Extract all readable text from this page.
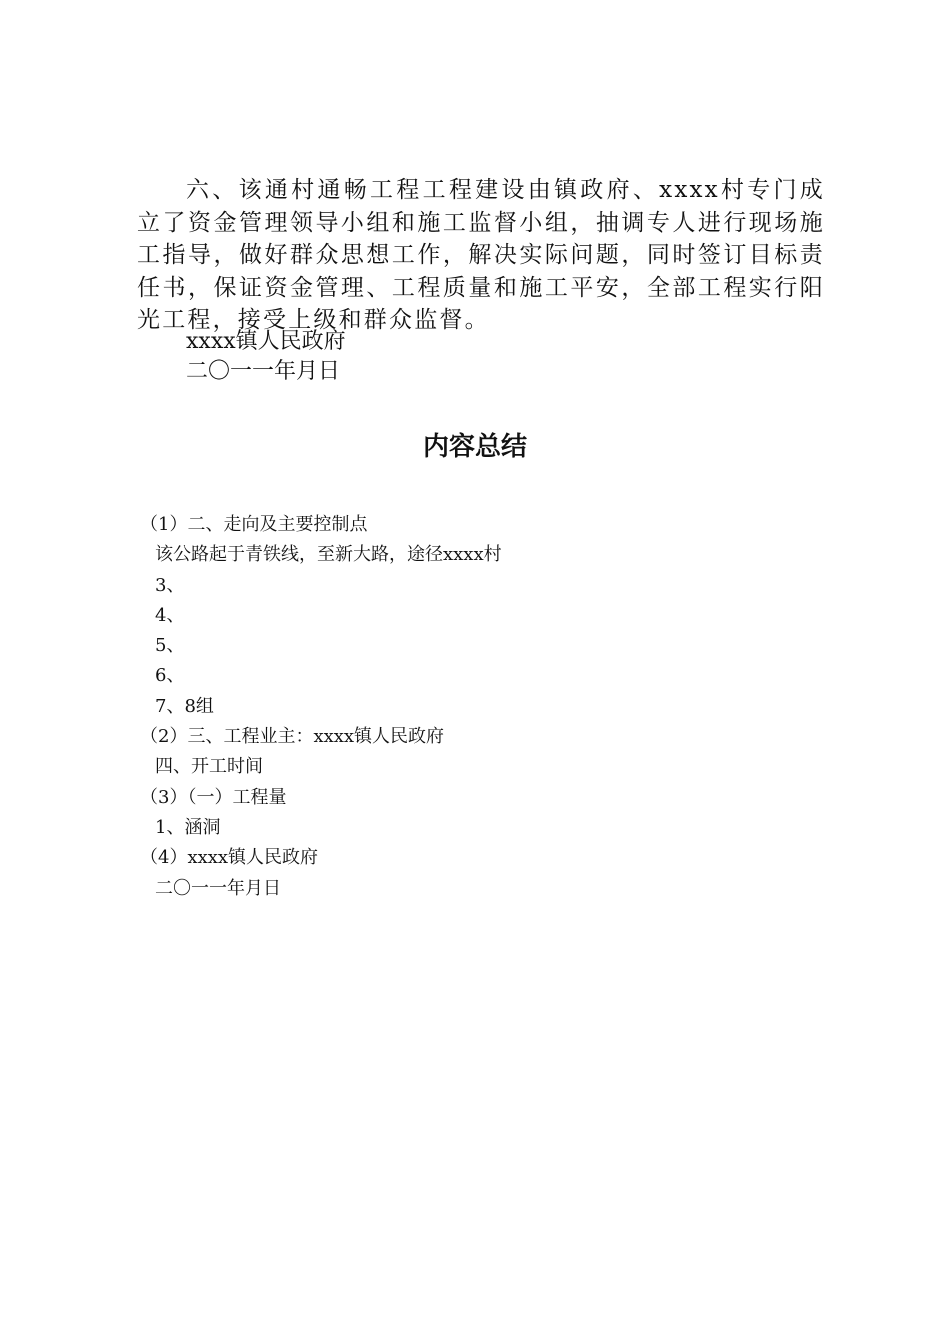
六、该通村通畅工程工程建设由镇政府、xxxx村专门成立了资金管理领导小组和施工监督小组，抽调专人进行现场施工指导，做好群众思想工作，解决实际问题，同时签订目标责任书，保证资金管理、工程质量和施工平安，全部工程实行阳光工程，接受上级和群众监督。

xxxx镇人民政府

二〇一一年月日

内容总结
（1）二、走向及主要控制点
该公路起于青铁线，至新大路，途径xxxx村
3、
4、
5、
6、
7、8组
（2）三、工程业主：xxxx镇人民政府
四、开工时间
（3）（一）工程量
1、涵洞
（4）xxxx镇人民政府
二〇一一年月日
